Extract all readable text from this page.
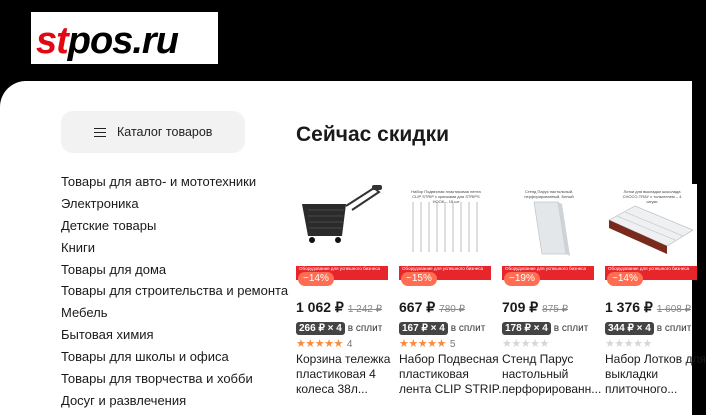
stpos.ru
Каталог товаров
Товары для авто- и мототехники
Электроника
Детские товары
Книги
Товары для дома
Товары для строительства и ремонта
Мебель
Бытовая химия
Товары для школы и офиса
Товары для творчества и хобби
Досуг и развлечения
Сейчас скидки
Оборудование для успешного бизнеса
−14%
1 062 ₽ 1 242 ₽
266 ₽ × 4 в сплит
★★★★★ 4

Корзина тележка
пластиковая 4
колеса 38л...

Набор Подвесная пластиковая лента CLIP STRIP с крючками для STRIPS HOOK – 15 шт
Оборудование для успешного бизнеса
−15%
667 ₽ 780 ₽
167 ₽ × 4 в сплит
★★★★★ 5

Набор Подвесная
пластиковая
лента CLIP STRIP...

Стенд Парус настольный, перфорированный, Белый
Оборудование для успешного бизнеса
−19%
709 ₽ 875 ₽
178 ₽ × 4 в сплит
★★★★★

Стенд Парус
настольный
перфорированн...

Лотки для выкладки шоколада CHOCO-TRAY с толкателем – 4 штуки
Оборудование для успешного бизнеса
−14%
1 376 ₽ 1 608 ₽
344 ₽ × 4 в сплит
★★★★★

Набор Лотков для
выкладки
плиточного...
